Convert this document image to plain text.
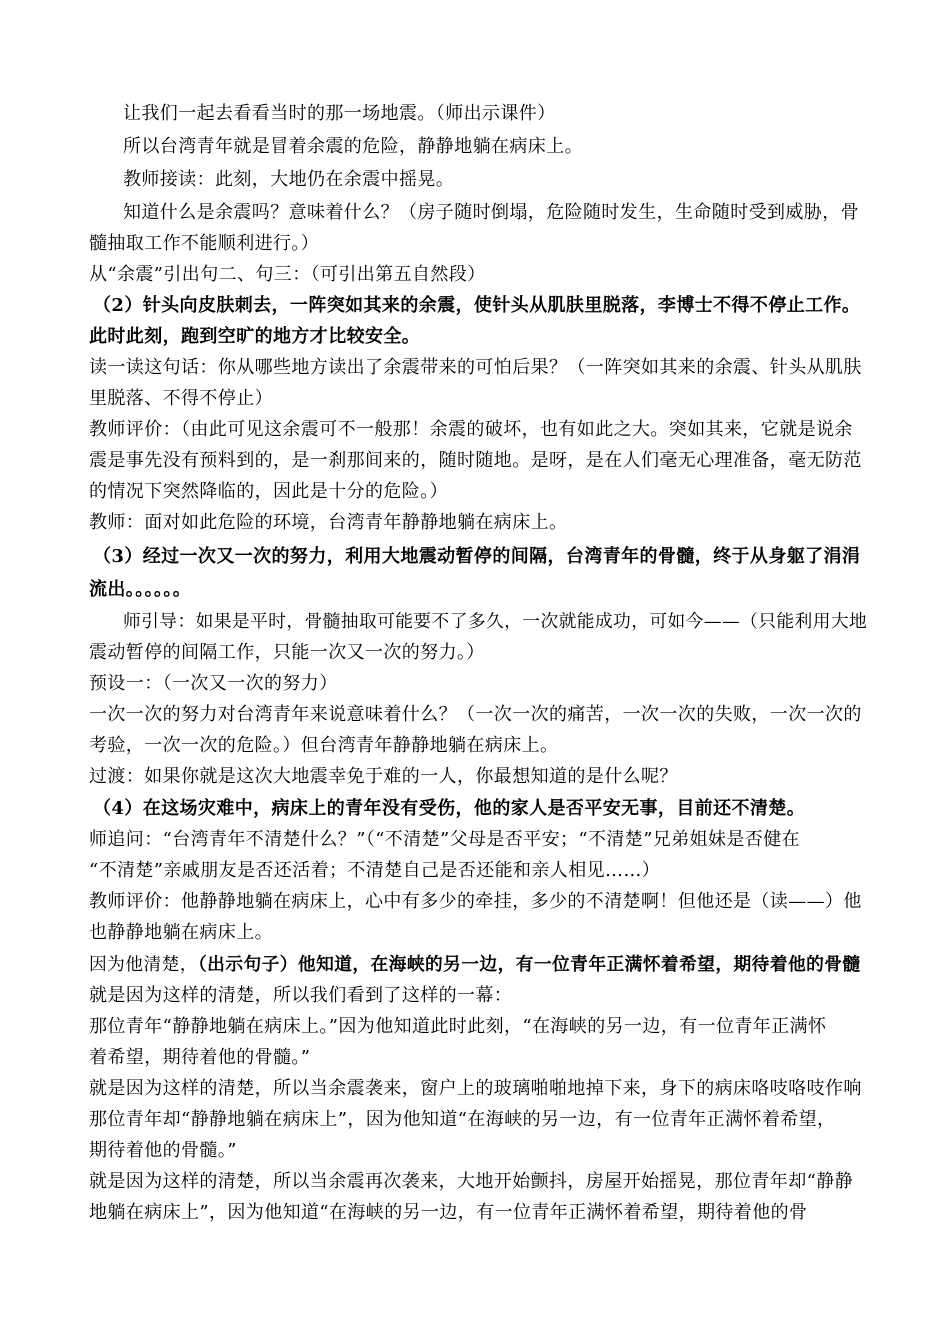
让我们一起去看看当时的那一场地震。（师出示课件）

所以台湾青年就是冒着余震的危险，静静地躺在病床上。

教师接读：此刻，大地仍在余震中摇晃。

知道什么是余震吗？意味着什么？（房子随时倒塌，危险随时发生，生命随时受到威胁，骨

髓抽取工作不能顺利进行。）

从“余震”引出句二、句三：（可引出第五自然段）

（2）针头向皮肤刺去，一阵突如其来的余震，使针头从肌肤里脱落，李博士不得不停止工作。

此时此刻，跑到空旷的地方才比较安全。

读一读这句话：你从哪些地方读出了余震带来的可怕后果？（一阵突如其来的余震、针头从肌肤

里脱落、不得不停止）

教师评价：（由此可见这余震可不一般那！余震的破坏，也有如此之大。突如其来，它就是说余

震是事先没有预料到的，是一刹那间来的，随时随地。是呀，是在人们毫无心理准备，毫无防范

的情况下突然降临的，因此是十分的危险。）

教师：面对如此危险的环境，台湾青年静静地躺在病床上。

（3）经过一次又一次的努力，利用大地震动暂停的间隔，台湾青年的骨髓，终于从身躯了涓涓

流出。。。。。。

师引导：如果是平时，骨髓抽取可能要不了多久，一次就能成功，可如今——（只能利用大地

震动暂停的间隔工作，只能一次又一次的努力。）

预设一：（一次又一次的努力）

一次一次的努力对台湾青年来说意味着什么？（一次一次的痛苦，一次一次的失败，一次一次的

考验，一次一次的危险。）但台湾青年静静地躺在病床上。

过渡：如果你就是这次大地震幸免于难的一人，你最想知道的是什么呢？

（4）在这场灾难中，病床上的青年没有受伤，他的家人是否平安无事，目前还不清楚。

师追问：“台湾青年不清楚什么？”（“不清楚”父母是否平安；“不清楚”兄弟姐妹是否健在

“不清楚”亲戚朋友是否还活着；不清楚自己是否还能和亲人相见……）

教师评价：他静静地躺在病床上，心中有多少的牵挂，多少的不清楚啊！但他还是（读——）他

也静静地躺在病床上。

因为他清楚，（出示句子）他知道，在海峡的另一边，有一位青年正满怀着希望，期待着他的骨髓

就是因为这样的清楚，所以我们看到了这样的一幕：

那位青年“静静地躺在病床上。”因为他知道此时此刻，“在海峡的另一边，有一位青年正满怀

着希望，期待着他的骨髓。”

就是因为这样的清楚，所以当余震袭来，窗户上的玻璃啪啪地掉下来，身下的病床咯吱咯吱作响

那位青年却“静静地躺在病床上”，因为他知道“在海峡的另一边，有一位青年正满怀着希望，

期待着他的骨髓。”

就是因为这样的清楚，所以当余震再次袭来，大地开始颤抖，房屋开始摇晃，那位青年却“静静

地躺在病床上”，因为他知道“在海峡的另一边，有一位青年正满怀着希望，期待着他的骨
